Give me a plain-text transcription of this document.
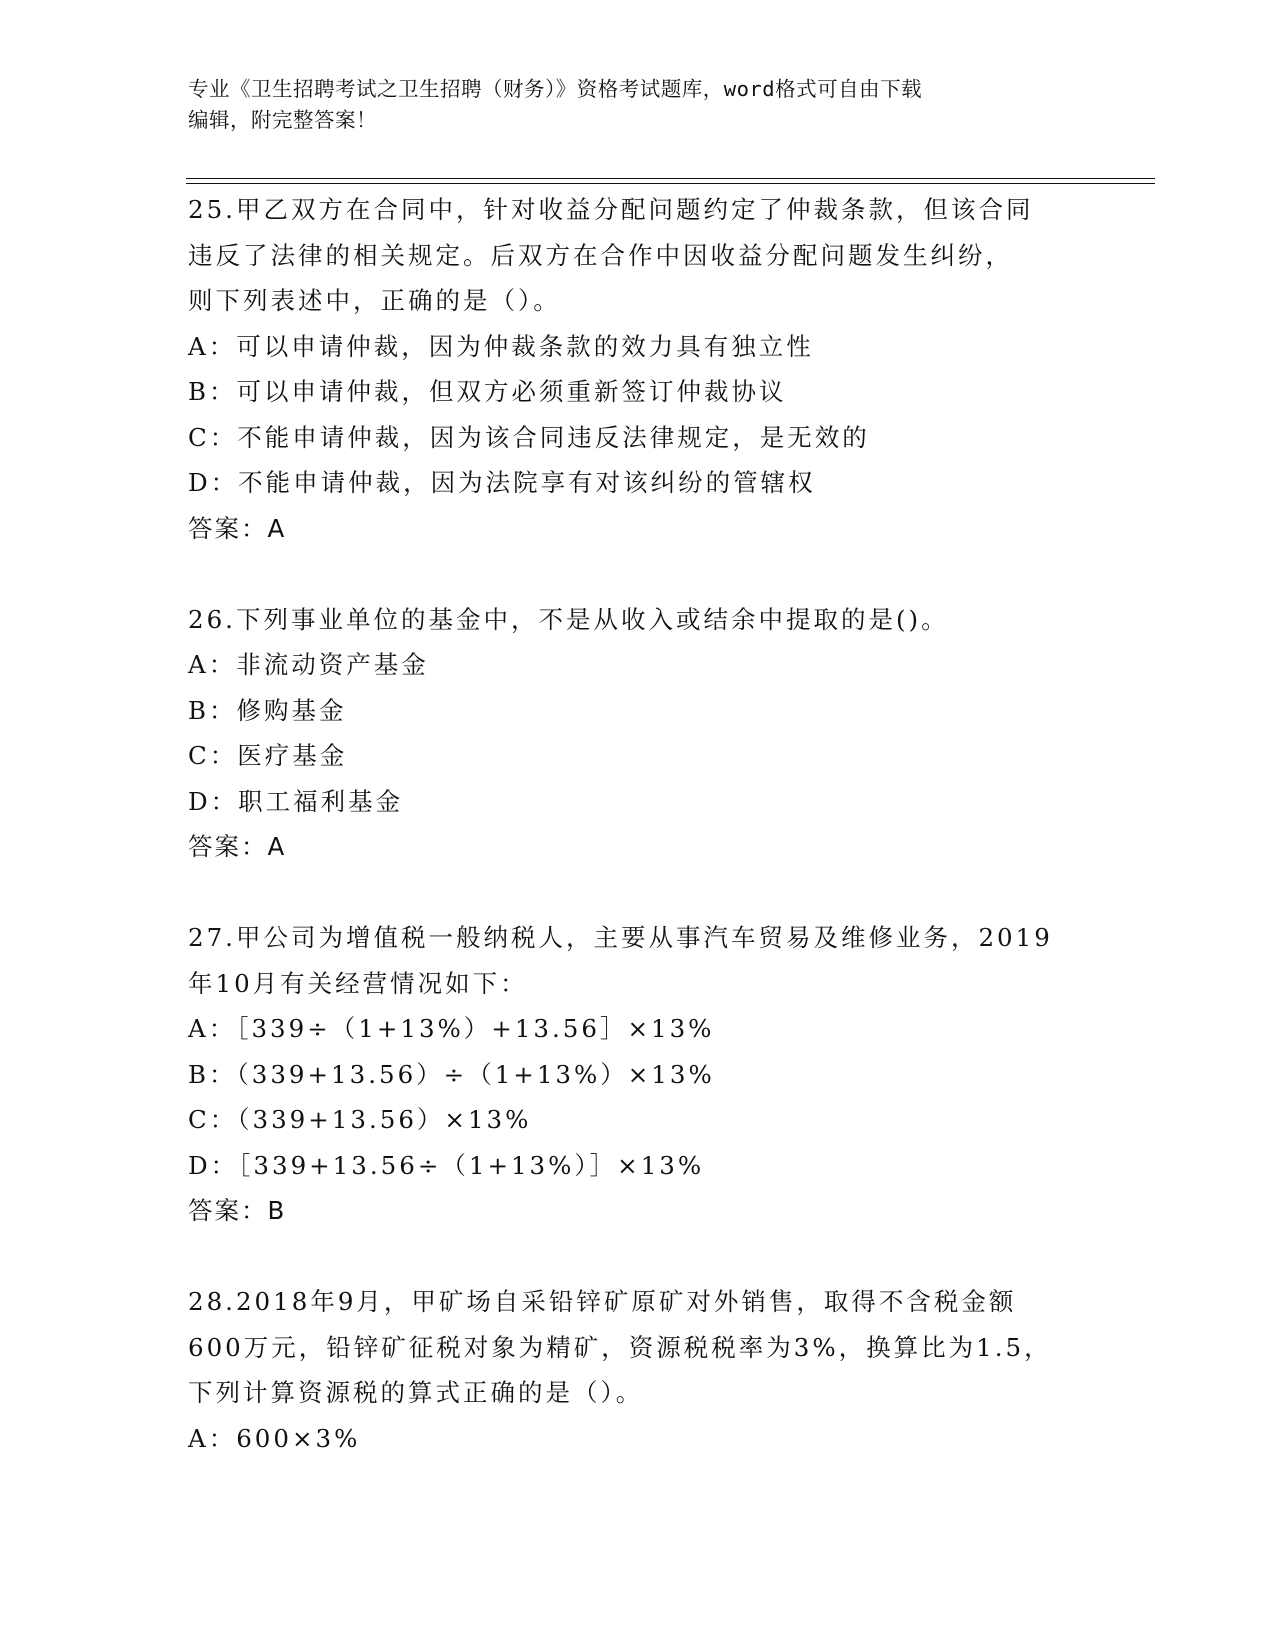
专业《卫生招聘考试之卫生招聘（财务）》资格考试题库，word格式可自由下载
编辑，附完整答案！
25.甲乙双方在合同中，针对收益分配问题约定了仲裁条款，但该合同
违反了法律的相关规定。后双方在合作中因收益分配问题发生纠纷，
则下列表述中，正确的是（）。
A：可以申请仲裁，因为仲裁条款的效力具有独立性
B：可以申请仲裁，但双方必须重新签订仲裁协议
C：不能申请仲裁，因为该合同违反法律规定，是无效的
D：不能申请仲裁，因为法院享有对该纠纷的管辖权
答案：A
26.下列事业单位的基金中，不是从收入或结余中提取的是()。
A：非流动资产基金
B：修购基金
C：医疗基金
D：职工福利基金
答案：A
27.甲公司为增值税一般纳税人，主要从事汽车贸易及维修业务，2019
年10月有关经营情况如下：
A：［339÷（1+13%）+13.56］×13%
B：（339+13.56）÷（1+13%）×13%
C：（339+13.56）×13%
D：［339+13.56÷（1+13%）］×13%
答案：B
28.2018年9月，甲矿场自采铅锌矿原矿对外销售，取得不含税金额
600万元，铅锌矿征税对象为精矿，资源税税率为3%，换算比为1.5，
下列计算资源税的算式正确的是（）。
A：600×3%
